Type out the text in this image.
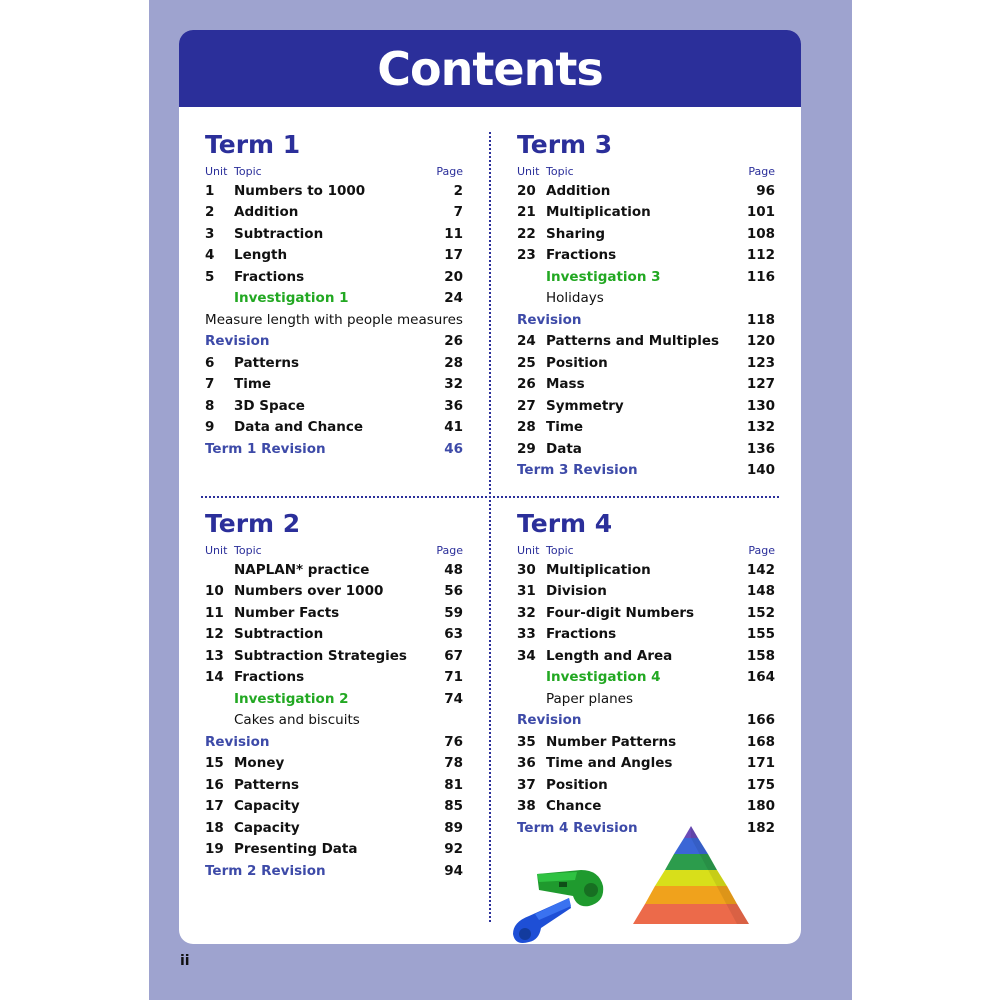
Contents
Term 1
Unit Topic	Page
1	Numbers to 1000	2
2	Addition	7
3	Subtraction	11
4	Length	17
5	Fractions	20
Investigation 1	24
Measure length with people measures
Revision	26
6	Patterns	28
7	Time	32
8	3D Space	36
9	Data and Chance	41
Term 1 Revision	46
Term 3
Unit Topic	Page
20 Addition	96
21 Multiplication	101
22 Sharing	108
23 Fractions	112
Investigation 3	116
Holidays
Revision	118
24 Patterns and Multiples	120
25 Position	123
26 Mass	127
27 Symmetry	130
28 Time	132
29 Data	136
Term 3 Revision	140
Term 2
Unit Topic	Page
NAPLAN* practice	48
10 Numbers over 1000	56
11 Number Facts	59
12 Subtraction	63
13 Subtraction Strategies	67
14 Fractions	71
Investigation 2	74
Cakes and biscuits
Revision	76
15 Money	78
16 Patterns	81
17 Capacity	85
18 Capacity	89
19 Presenting Data	92
Term 2 Revision	94
Term 4
Unit Topic	Page
30 Multiplication	142
31 Division	148
32 Four-digit Numbers	152
33 Fractions	155
34 Length and Area	158
Investigation 4	164
Paper planes
Revision	166
35 Number Patterns	168
36 Time and Angles	171
37 Position	175
38 Chance	180
Term 4 Revision	182
ii
